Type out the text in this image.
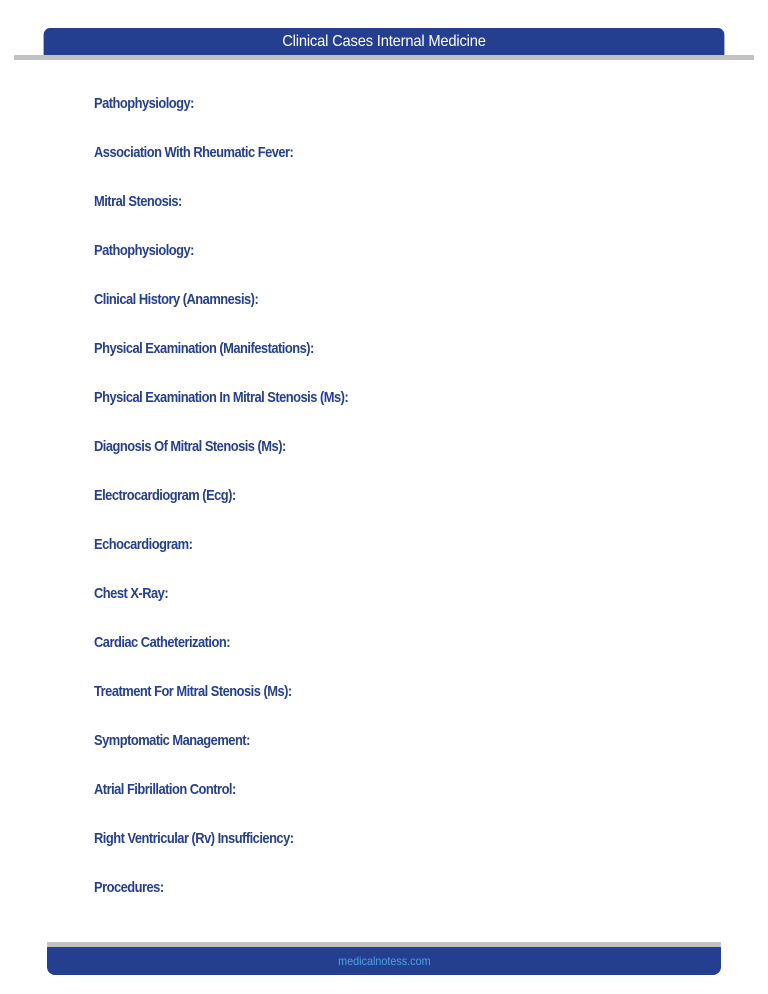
Clinical Cases Internal Medicine
Pathophysiology:
Association With Rheumatic Fever:
Mitral Stenosis:
Pathophysiology:
Clinical History (Anamnesis):
Physical Examination (Manifestations):
Physical Examination In Mitral Stenosis (Ms):
Diagnosis Of Mitral Stenosis (Ms):
Electrocardiogram (Ecg):
Echocardiogram:
Chest X-Ray:
Cardiac Catheterization:
Treatment For Mitral Stenosis (Ms):
Symptomatic Management:
Atrial Fibrillation Control:
Right Ventricular (Rv) Insufficiency:
Procedures:
medicalnotess.com
